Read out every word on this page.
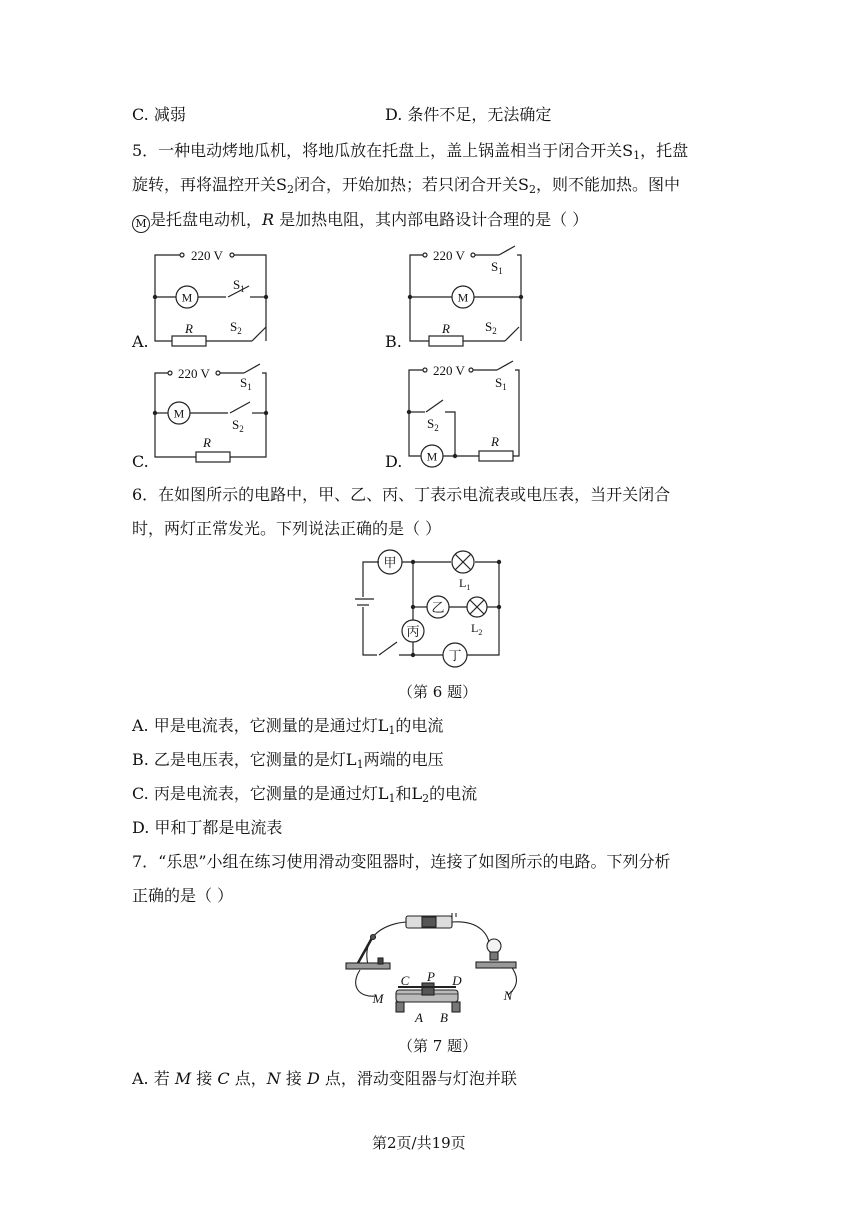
C. 减弱	D. 条件不足，无法确定
5．一种电动烤地瓜机，将地瓜放在托盘上，盖上锅盖相当于闭合开关$S_1$，托盘
旋转，再将温控开关$S_2$闭合，开始加热；若只闭合开关$S_2$，则不能加热。图中
M 是托盘电动机，R 是加热电阻，其内部电路设计合理的是（ ）
A.
M
220 V
R
$S_1$
$S_2$
B.
M
220 V
R
$S_1$
$S_2$
C.
M
220 V
R
$S_1$
$S_2$
D. M
220 V
R
$S_1$
$S_2$
6．在如图所示的电路中，甲、乙、丙、丁表示电流表或电压表，当开关闭合
时，两灯正常发光。下列说法正确的是（ ）
甲
乙
丙
丁
$L_1$
$L_2$
（第 6 题）
A. 甲是电流表，它测量的是通过灯$L_1$的电流
B. 乙是电压表，它测量的是灯$L_1$两端的电压
C. 丙是电流表，它测量的是通过灯$L_1$和$L_2$的电流
D. 甲和丁都是电流表
7．“乐思”小组在练习使用滑动变阻器时，连接了如图所示的电路。下列分析
正确的是（ ）
C P D
A B
M	N
（第 7 题）
A. 若 M 接 C 点，N 接 D 点，滑动变阻器与灯泡并联
第2页/共19页
